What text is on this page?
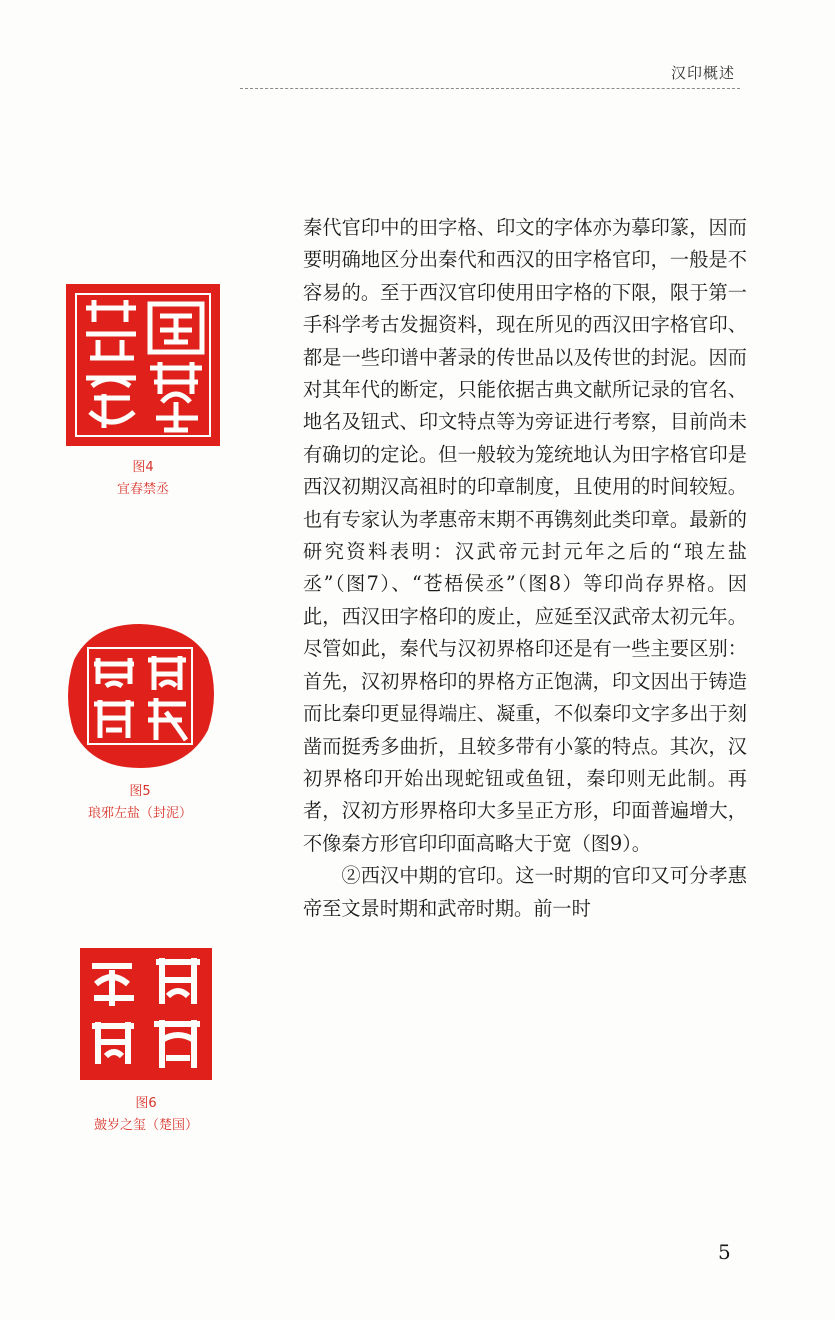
汉印概述
图4
宜春禁丞
图5
琅邪左盐（封泥）
图6
皷岁之玺（楚国）

秦代官印中的田字格、印文的字体亦为摹印篆，因而要明确地区分出秦代和西汉的田字格官印，一般是不容易的。至于西汉官印使用田字格的下限，限于第一手科学考古发掘资料，现在所见的西汉田字格官印、都是一些印谱中著录的传世品以及传世的封泥。因而对其年代的断定，只能依据古典文献所记录的官名、地名及钮式、印文特点等为旁证进行考察，目前尚未有确切的定论。但一般较为笼统地认为田字格官印是西汉初期汉高祖时的印章制度，且使用的时间较短。也有专家认为孝惠帝末期不再镌刻此类印章。最新的研究资料表明：汉武帝元封元年之后的“琅左盐丞”（图7）、“苍梧侯丞”（图8）等印尚存界格。因此，西汉田字格印的废止，应延至汉武帝太初元年。尽管如此，秦代与汉初界格印还是有一些主要区别：首先，汉初界格印的界格方正饱满，印文因出于铸造而比秦印更显得端庄、凝重，不似秦印文字多出于刻凿而挺秀多曲折，且较多带有小篆的特点。其次，汉初界格印开始出现蛇钮或鱼钮，秦印则无此制。再者，汉初方形界格印大多呈正方形，印面普遍增大，不像秦方形官印印面高略大于宽（图9）。

②西汉中期的官印。这一时期的官印又可分孝惠帝至文景时期和武帝时期。前一时

5
